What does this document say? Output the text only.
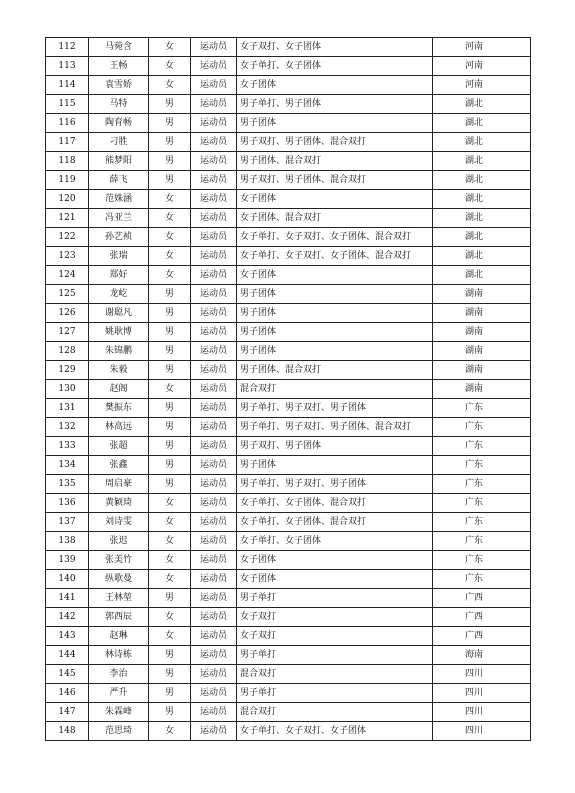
112	马菀含	女	运动员	女子双打、女子团体	河南
113	王畅	女	运动员	女子单打、女子团体	河南
114	袁雪娇	女	运动员	女子团体	河南
115	马特	男	运动员	男子单打、男子团体	湖北
116	陶育畅	男	运动员	男子团体	湖北
117	刁胜	男	运动员	男子双打、男子团体、混合双打	湖北
118	熊梦阳	男	运动员	男子团体、混合双打	湖北
119	薛飞	男	运动员	男子双打、男子团体、混合双打	湖北
120	范姝涵	女	运动员	女子团体	湖北
121	冯亚兰	女	运动员	女子团体、混合双打	湖北
122	孙艺祯	女	运动员	女子单打、女子双打、女子团体、混合双打	湖北
123	张瑞	女	运动员	女子单打、女子双打、女子团体、混合双打	湖北
124	郑好	女	运动员	女子团体	湖北
125	龙屹	男	运动员	男子团体	湖南
126	谢聪凡	男	运动员	男子团体	湖南
127	姚耿博	男	运动员	男子团体	湖南
128	朱锦鹏	男	运动员	男子团体	湖南
129	朱毅	男	运动员	男子团体、混合双打	湖南
130	赵阁	女	运动员	混合双打	湖南
131	樊振东	男	运动员	男子单打、男子双打、男子团体	广东
132	林高远	男	运动员	男子单打、男子双打、男子团体、混合双打	广东
133	张超	男	运动员	男子双打、男子团体	广东
134	张鑫	男	运动员	男子团体	广东
135	周启豪	男	运动员	男子单打、男子双打、男子团体	广东
136	黄颖琦	女	运动员	女子单打、女子团体、混合双打	广东
137	刘诗雯	女	运动员	女子单打、女子团体、混合双打	广东
138	张迟	女	运动员	女子单打、女子团体	广东
139	张美竹	女	运动员	女子团体	广东
140	纵歌曼	女	运动员	女子团体	广东
141	王林堃	男	运动员	男子单打	广西
142	郭西辰	女	运动员	女子双打	广西
143	赵琳	女	运动员	女子双打	广西
144	林诗栋	男	运动员	男子单打	海南
145	李治	男	运动员	混合双打	四川
146	严升	男	运动员	男子单打	四川
147	朱霖峰	男	运动员	混合双打	四川
148	范思琦	女	运动员	女子单打、女子双打、女子团体	四川
